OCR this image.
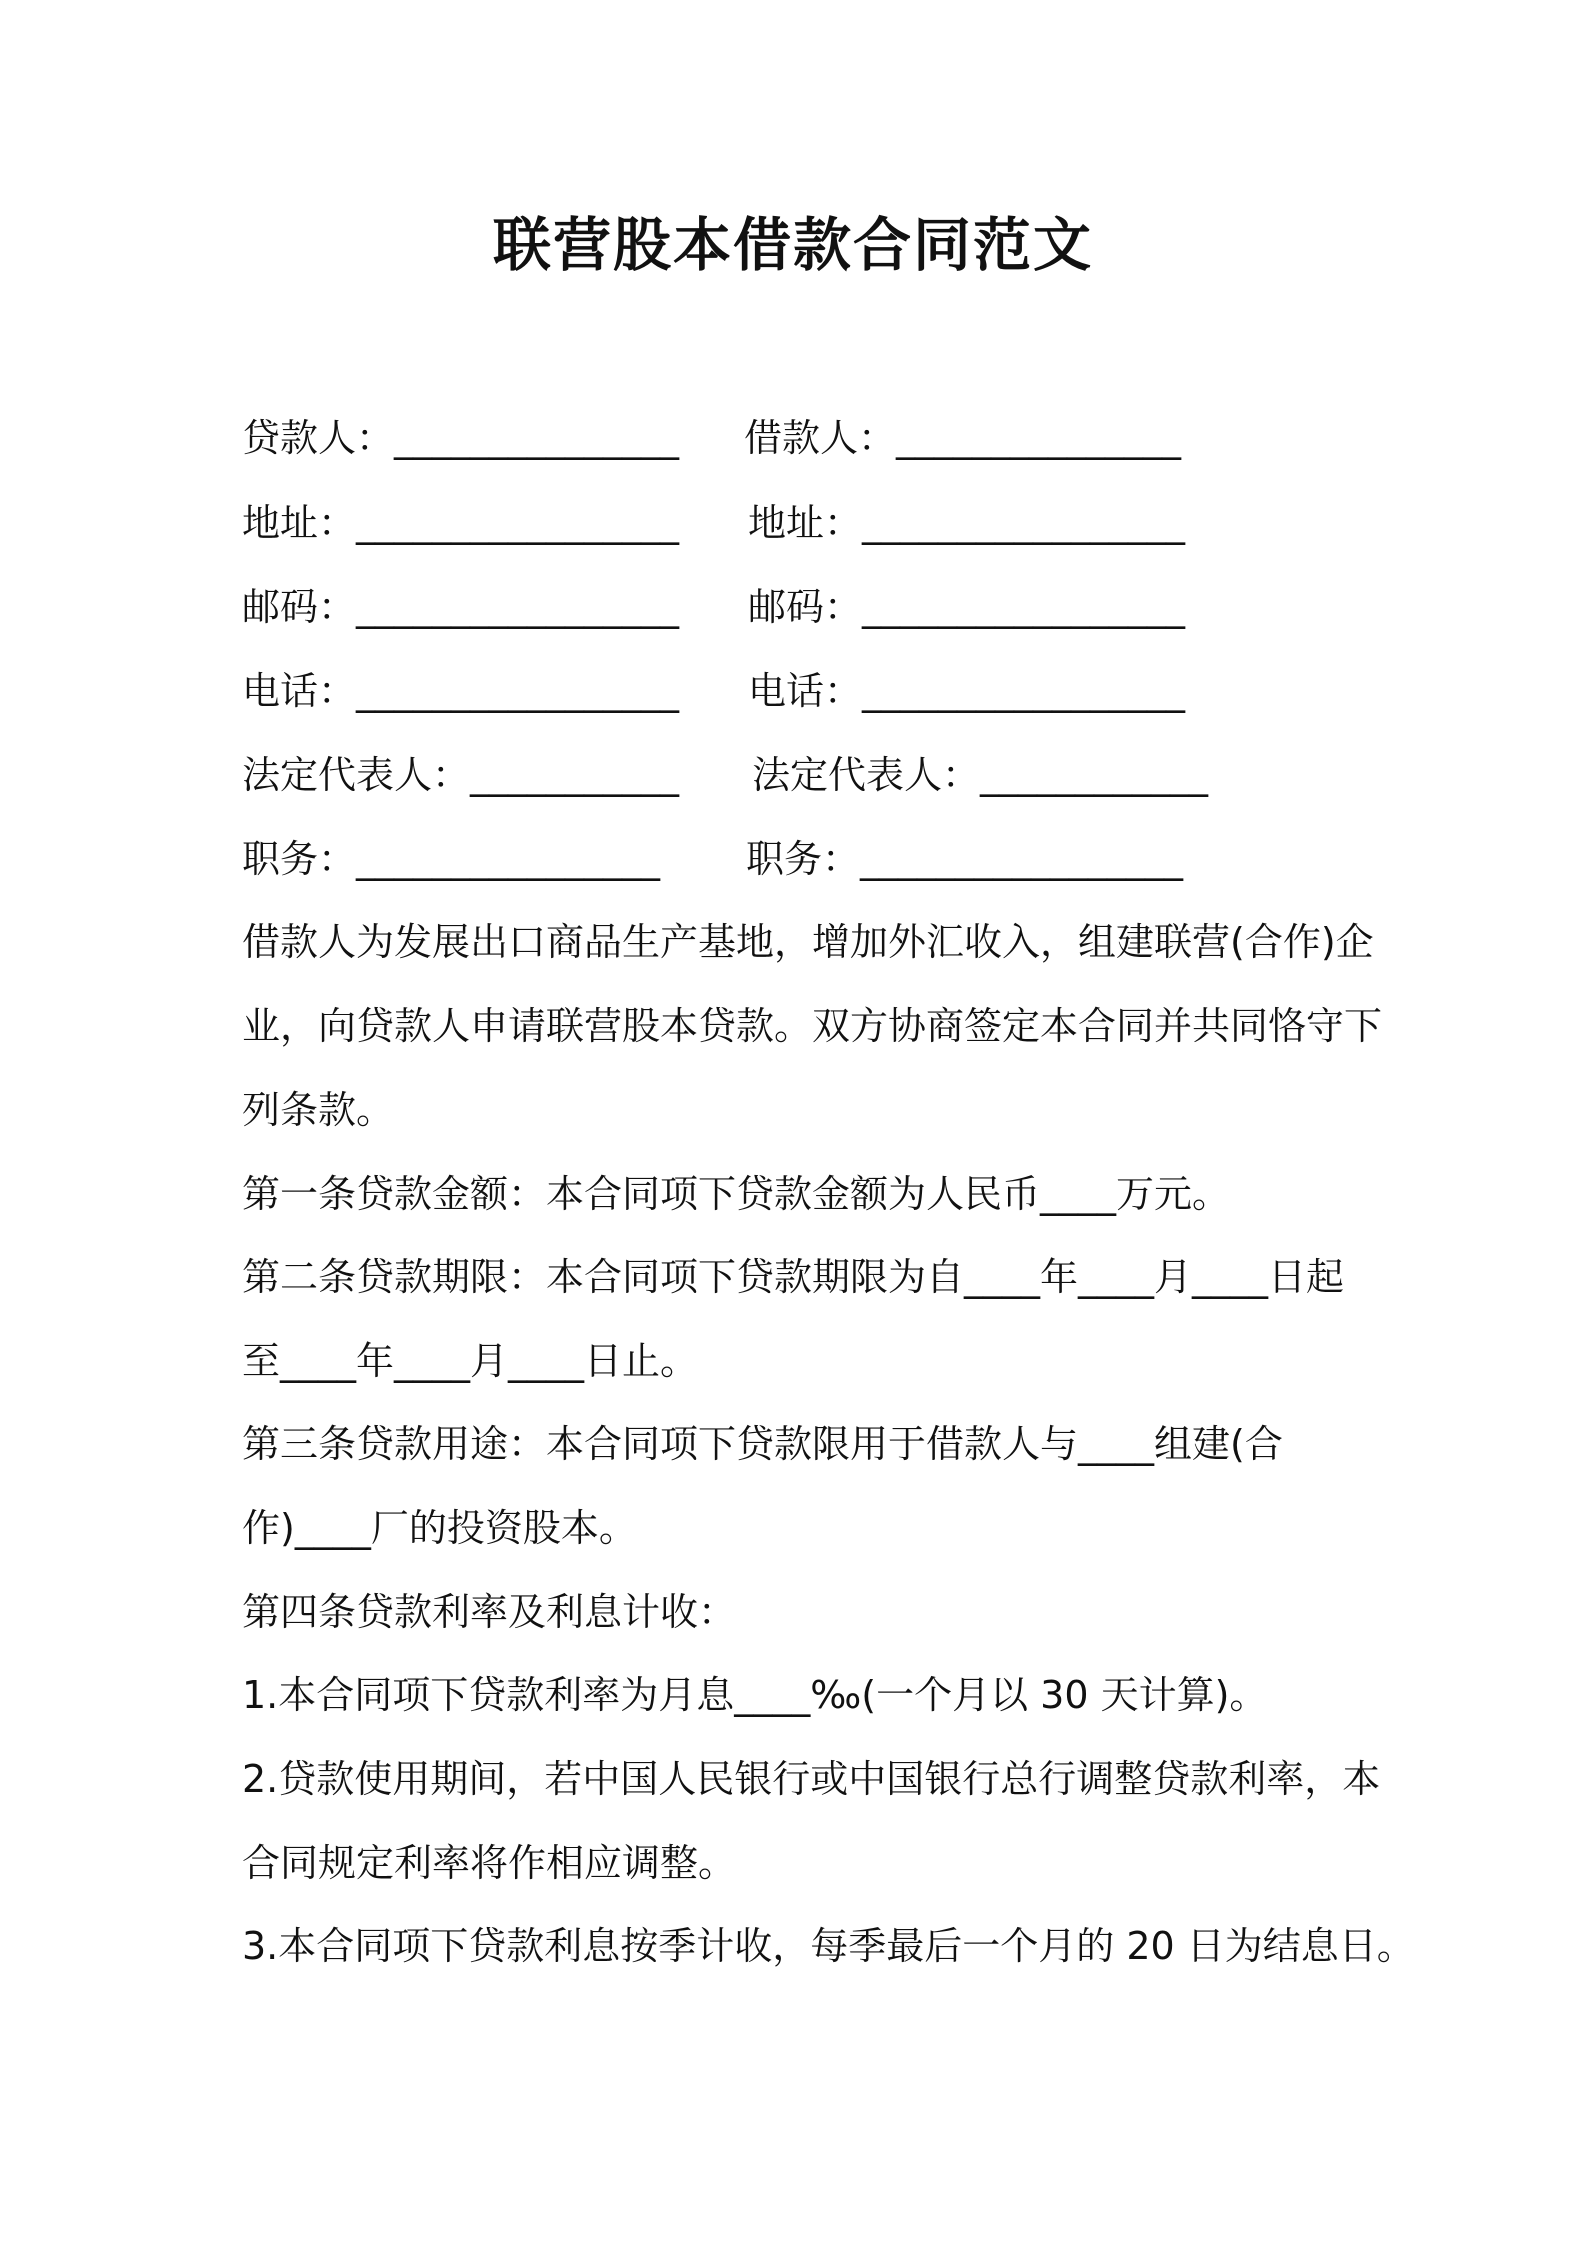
联营股本借款合同范文
贷款人：_______________ 借款人：_______________
地址：_________________ 地址：_________________
邮码：_________________ 邮码：_________________
电话：_________________ 电话：_________________
法定代表人：___________ 法定代表人：____________
职务：________________ 职务：_________________
借款人为发展出口商品生产基地，增加外汇收入，组建联营(合作)企
业，向贷款人申请联营股本贷款。双方协商签定本合同并共同恪守下
列条款。
第一条贷款金额：本合同项下贷款金额为人民币____万元。
第二条贷款期限：本合同项下贷款期限为自____年____月____日起
至____年____月____日止。
第三条贷款用途：本合同项下贷款限用于借款人与____组建(合
作)____厂的投资股本。
第四条贷款利率及利息计收：
1.本合同项下贷款利率为月息____‰(一个月以 30 天计算)。
2.贷款使用期间，若中国人民银行或中国银行总行调整贷款利率，本
合同规定利率将作相应调整。
3.本合同项下贷款利息按季计收，每季最后一个月的 20 日为结息日。
